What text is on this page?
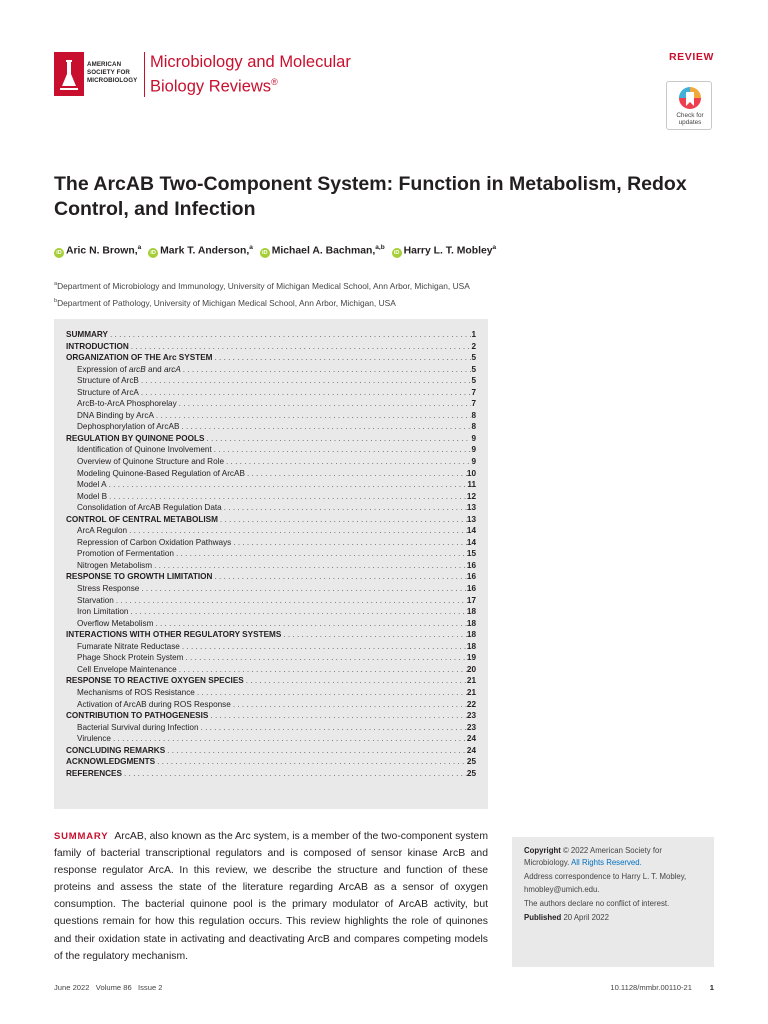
AMERICAN
SOCIETY FOR
MICROBIOLOGY
Microbiology and Molecular
Biology Reviews®
REVIEW
Check for
updates
The ArcAB Two-Component System: Function in Metabolism, Redox Control, and Infection
iD Aric N. Brown,$^a$ iD Mark T. Anderson,$^a$ iD Michael A. Bachman,$^{a,b}$ iD Harry L. T. Mobley$^a$
$^a$Department of Microbiology and Immunology, University of Michigan Medical School, Ann Arbor, Michigan, USA
$^b$Department of Pathology, University of Michigan Medical School, Ann Arbor, Michigan, USA
SUMMARY . . .	1
INTRODUCTION . . .	2
ORGANIZATION OF THE Arc SYSTEM . . .	5
Expression of arcB and arcA . . .	5
Structure of ArcB . . .	5
Structure of ArcA . . .	7
ArcB-to-ArcA Phosphorelay . . .	7
DNA Binding by ArcA . . .	8
Dephosphorylation of ArcAB . . .	8
REGULATION BY QUINONE POOLS . . .	9
Identification of Quinone Involvement . . .	9
Overview of Quinone Structure and Role . . .	9
Modeling Quinone-Based Regulation of ArcAB . . .	10
Model A . . .	11
Model B . . .	12
Consolidation of ArcAB Regulation Data . . .	13
CONTROL OF CENTRAL METABOLISM . . .	13
ArcA Regulon . . .	14
Repression of Carbon Oxidation Pathways . . .	14
Promotion of Fermentation . . .	15
Nitrogen Metabolism . . .	16
RESPONSE TO GROWTH LIMITATION . . .	16
Stress Response . . .	16
Starvation . . .	17
Iron Limitation . . .	18
Overflow Metabolism . . .	18
INTERACTIONS WITH OTHER REGULATORY SYSTEMS . . .	18
Fumarate Nitrate Reductase . . .	18
Phage Shock Protein System . . .	19
Cell Envelope Maintenance . . .	20
RESPONSE TO REACTIVE OXYGEN SPECIES . . .	21
Mechanisms of ROS Resistance . . .	21
Activation of ArcAB during ROS Response . . .	22
CONTRIBUTION TO PATHOGENESIS . . .	23
Bacterial Survival during Infection . . .	23
Virulence . . .	24
CONCLUDING REMARKS . . .	24
ACKNOWLEDGMENTS . . .	25
REFERENCES . . .	25
SUMMARY ArcAB, also known as the Arc system, is a member of the two-component system family of bacterial transcriptional regulators and is composed of sensor kinase ArcB and response regulator ArcA. In this review, we describe the structure and function of these proteins and assess the state of the literature regarding ArcAB as a sensor of oxygen consumption. The bacterial quinone pool is the primary modulator of ArcAB activity, but questions remain for how this regulation occurs. This review highlights the role of quinones and their oxidation state in activating and deactivating ArcB and compares competing models of the regulatory mechanism.
Copyright © 2022 American Society for Microbiology. All Rights Reserved.
Address correspondence to Harry L. T. Mobley, hmobley@umich.edu.
The authors declare no conflict of interest.
Published 20 April 2022
June 2022   Volume 86   Issue 2	10.1128/mmbr.00110-21 1
